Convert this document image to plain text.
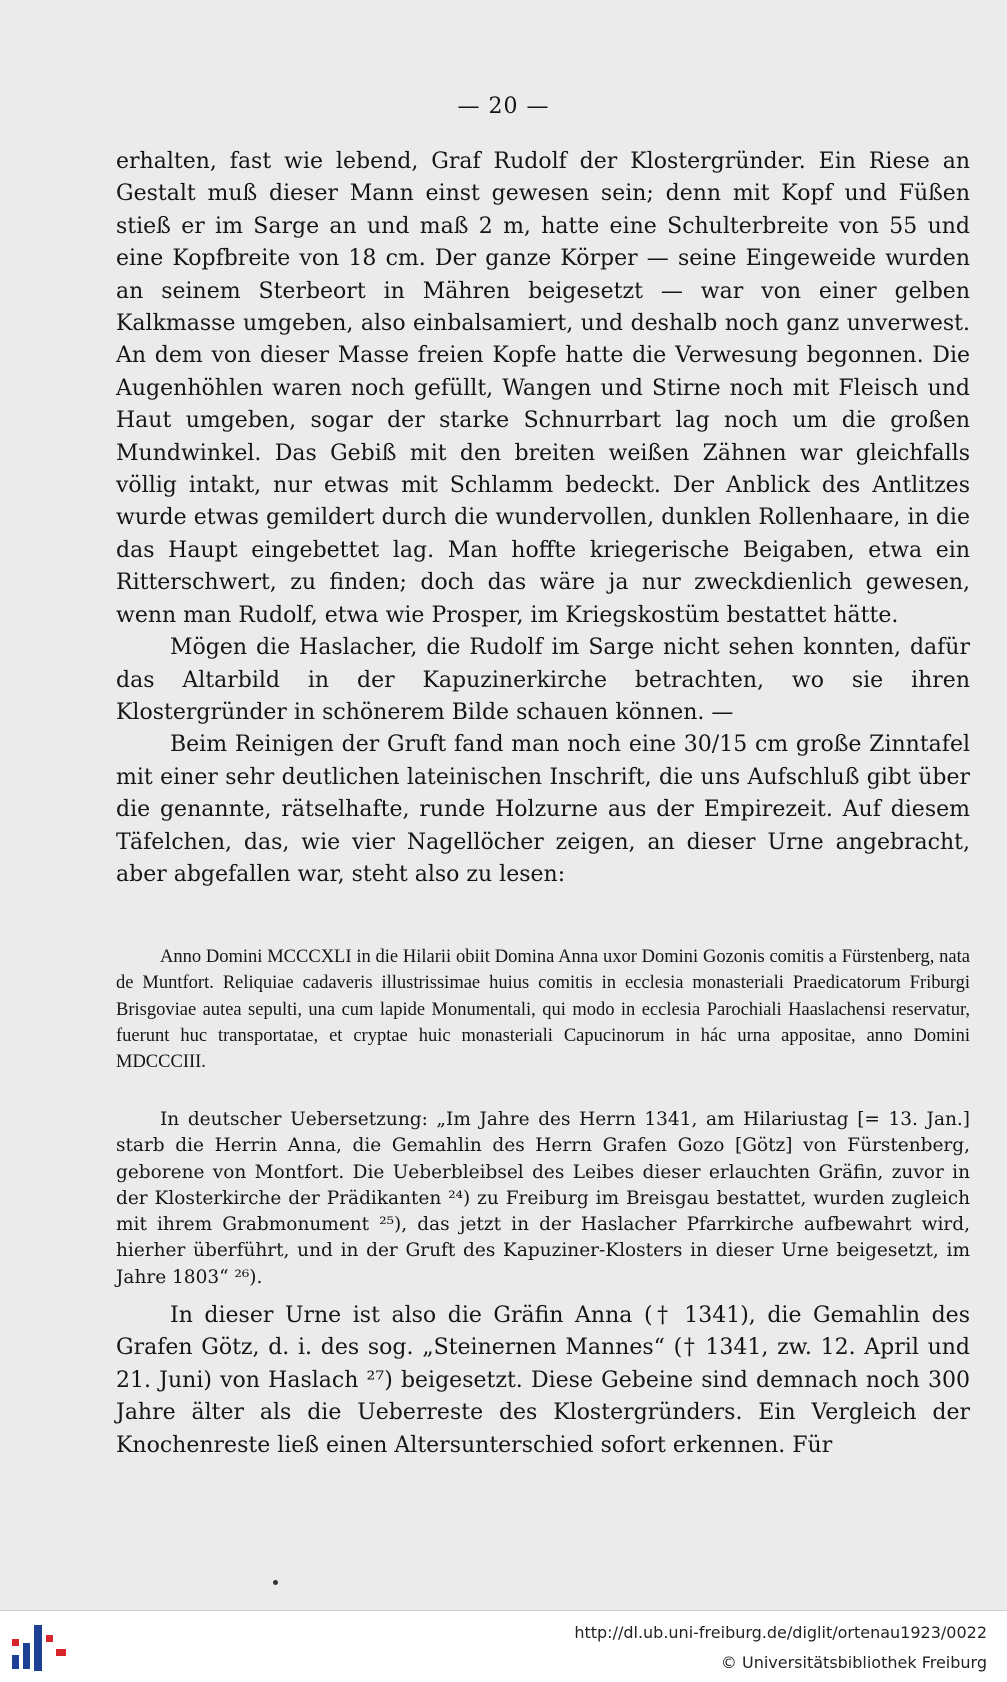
— 20 —

erhalten, fast wie lebend, Graf Rudolf der Klostergründer. Ein Riese an Gestalt muß dieser Mann einst gewesen sein; denn mit Kopf und Füßen stieß er im Sarge an und maß 2 m, hatte eine Schulterbreite von 55 und eine Kopfbreite von 18 cm. Der ganze Körper — seine Eingeweide wurden an seinem Sterbeort in Mähren beigesetzt — war von einer gelben Kalkmasse umgeben, also einbalsamiert, und deshalb noch ganz unverwest. An dem von dieser Masse freien Kopfe hatte die Verwesung begonnen. Die Augenhöhlen waren noch gefüllt, Wangen und Stirne noch mit Fleisch und Haut umgeben, sogar der starke Schnurrbart lag noch um die großen Mundwinkel. Das Gebiß mit den breiten weißen Zähnen war gleichfalls völlig intakt, nur etwas mit Schlamm bedeckt. Der Anblick des Antlitzes wurde etwas gemildert durch die wundervollen, dunklen Rollenhaare, in die das Haupt eingebettet lag. Man hoffte kriegerische Beigaben, etwa ein Ritterschwert, zu finden; doch das wäre ja nur zweckdienlich gewesen, wenn man Rudolf, etwa wie Prosper, im Kriegskostüm bestattet hätte.

Mögen die Haslacher, die Rudolf im Sarge nicht sehen konnten, dafür das Altarbild in der Kapuzinerkirche betrachten, wo sie ihren Klostergründer in schönerem Bilde schauen können. —

Beim Reinigen der Gruft fand man noch eine 30/15 cm große Zinntafel mit einer sehr deutlichen lateinischen Inschrift, die uns Aufschluß gibt über die genannte, rätselhafte, runde Holzurne aus der Empirezeit. Auf diesem Täfelchen, das, wie vier Nagellöcher zeigen, an dieser Urne angebracht, aber abgefallen war, steht also zu lesen:

Anno Domini MCCCXLI in die Hilarii obiit Domina Anna uxor Domini Gozonis comitis a Fürstenberg, nata de Muntfort. Reliquiae cadaveris illustrissimae huius comitis in ecclesia monasteriali Praedicatorum Friburgi Brisgoviae autea sepulti, una cum lapide Monumentali, qui modo in ecclesia Parochiali Haaslachensi reservatur, fuerunt huc transportatae, et cryptae huic monasteriali Capucinorum in hác urna appositae, anno Domini MDCCCIII.
In deutscher Uebersetzung: „Im Jahre des Herrn 1341, am Hilariustag [= 13. Jan.] starb die Herrin Anna, die Gemahlin des Herrn Grafen Gozo [Götz] von Fürstenberg, geborene von Montfort. Die Ueberbleibsel des Leibes dieser erlauchten Gräfin, zuvor in der Klosterkirche der Prädikanten ²⁴) zu Freiburg im Breisgau bestattet, wurden zugleich mit ihrem Grabmonument ²⁵), das jetzt in der Haslacher Pfarrkirche aufbewahrt wird, hierher überführt, und in der Gruft des Kapuziner-Klosters in dieser Urne beigesetzt, im Jahre 1803“ ²⁶).

In dieser Urne ist also die Gräfin Anna († 1341), die Gemahlin des Grafen Götz, d. i. des sog. „Steinernen Mannes“ († 1341, zw. 12. April und 21. Juni) von Haslach ²⁷) beigesetzt. Diese Gebeine sind demnach noch 300 Jahre älter als die Ueberreste des Klostergründers. Ein Vergleich der Knochenreste ließ einen Altersunterschied sofort erkennen. Für

http://dl.ub.uni-freiburg.de/diglit/ortenau1923/0022
© Universitätsbibliothek Freiburg
